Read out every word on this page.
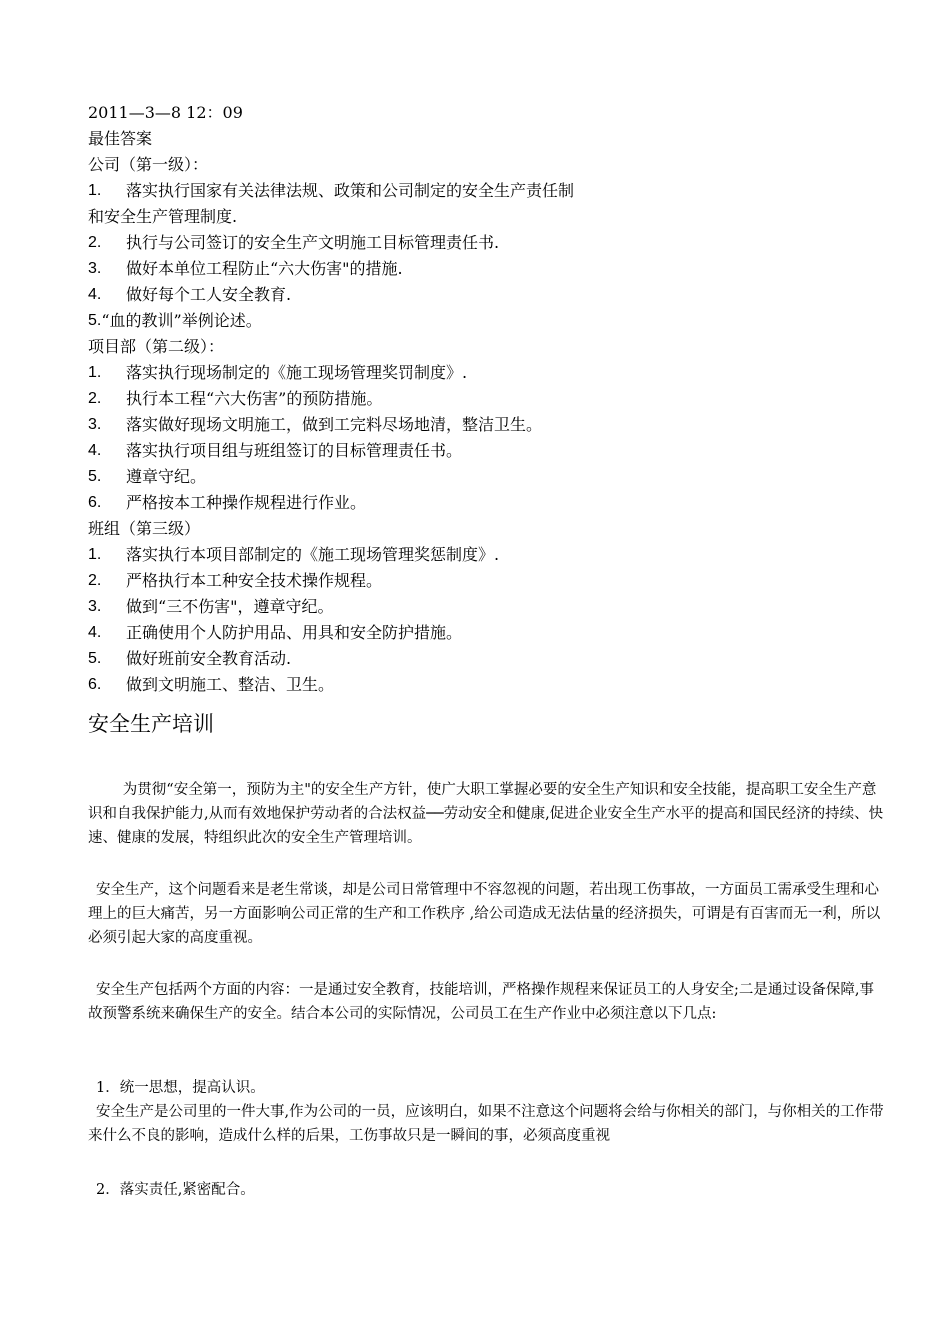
2011—3—8 12：09
最佳答案
公司（第一级）：
1.	落实执行国家有关法律法规、政策和公司制定的安全生产责任制
和安全生产管理制度.
2.	执行与公司签订的安全生产文明施工目标管理责任书.
3.	做好本单位工程防止“六大伤害"的措施.
4.	做好每个工人安全教育.
5. “血的教训”举例论述。
项目部（第二级）：
1.	落实执行现场制定的《施工现场管理奖罚制度》.
2.	执行本工程“六大伤害”的预防措施。
3.	落实做好现场文明施工，做到工完料尽场地清，整洁卫生。
4.	落实执行项目组与班组签订的目标管理责任书。
5.	遵章守纪。
6.	严格按本工种操作规程进行作业。
班组（第三级）
1.	落实执行本项目部制定的《施工现场管理奖惩制度》.
2.	严格执行本工种安全技术操作规程。
3.	做到“三不伤害"，遵章守纪。
4.	正确使用个人防护用品、用具和安全防护措施。
5.	做好班前安全教育活动.
6.	做到文明施工、整洁、卫生。
安全生产培训

为贯彻“安全第一，预防为主"的安全生产方针，使广大职工掌握必要的安全生产知识和安全技能，提高职工安全生产意识和自我保护能力,从而有效地保护劳动者的合法权益──劳动安全和健康,促进企业安全生产水平的提高和国民经济的持续、快速、健康的发展，特组织此次的安全生产管理培训。

安全生产，这个问题看来是老生常谈，却是公司日常管理中不容忽视的问题，若出现工伤事故，一方面员工需承受生理和心理上的巨大痛苦，另一方面影响公司正常的生产和工作秩序 ,给公司造成无法估量的经济损失，可谓是有百害而无一利，所以必须引起大家的高度重视。

安全生产包括两个方面的内容：一是通过安全教育，技能培训，严格操作规程来保证员工的人身安全;二是通过设备保障,事故预警系统来确保生产的安全。结合本公司的实际情况，公司员工在生产作业中必须注意以下几点:

1．统一思想，提高认识。

安全生产是公司里的一件大事,作为公司的一员，应该明白，如果不注意这个问题将会给与你相关的部门，与你相关的工作带来什么不良的影响，造成什么样的后果，工伤事故只是一瞬间的事，必须高度重视

2．落实责任,紧密配合。
